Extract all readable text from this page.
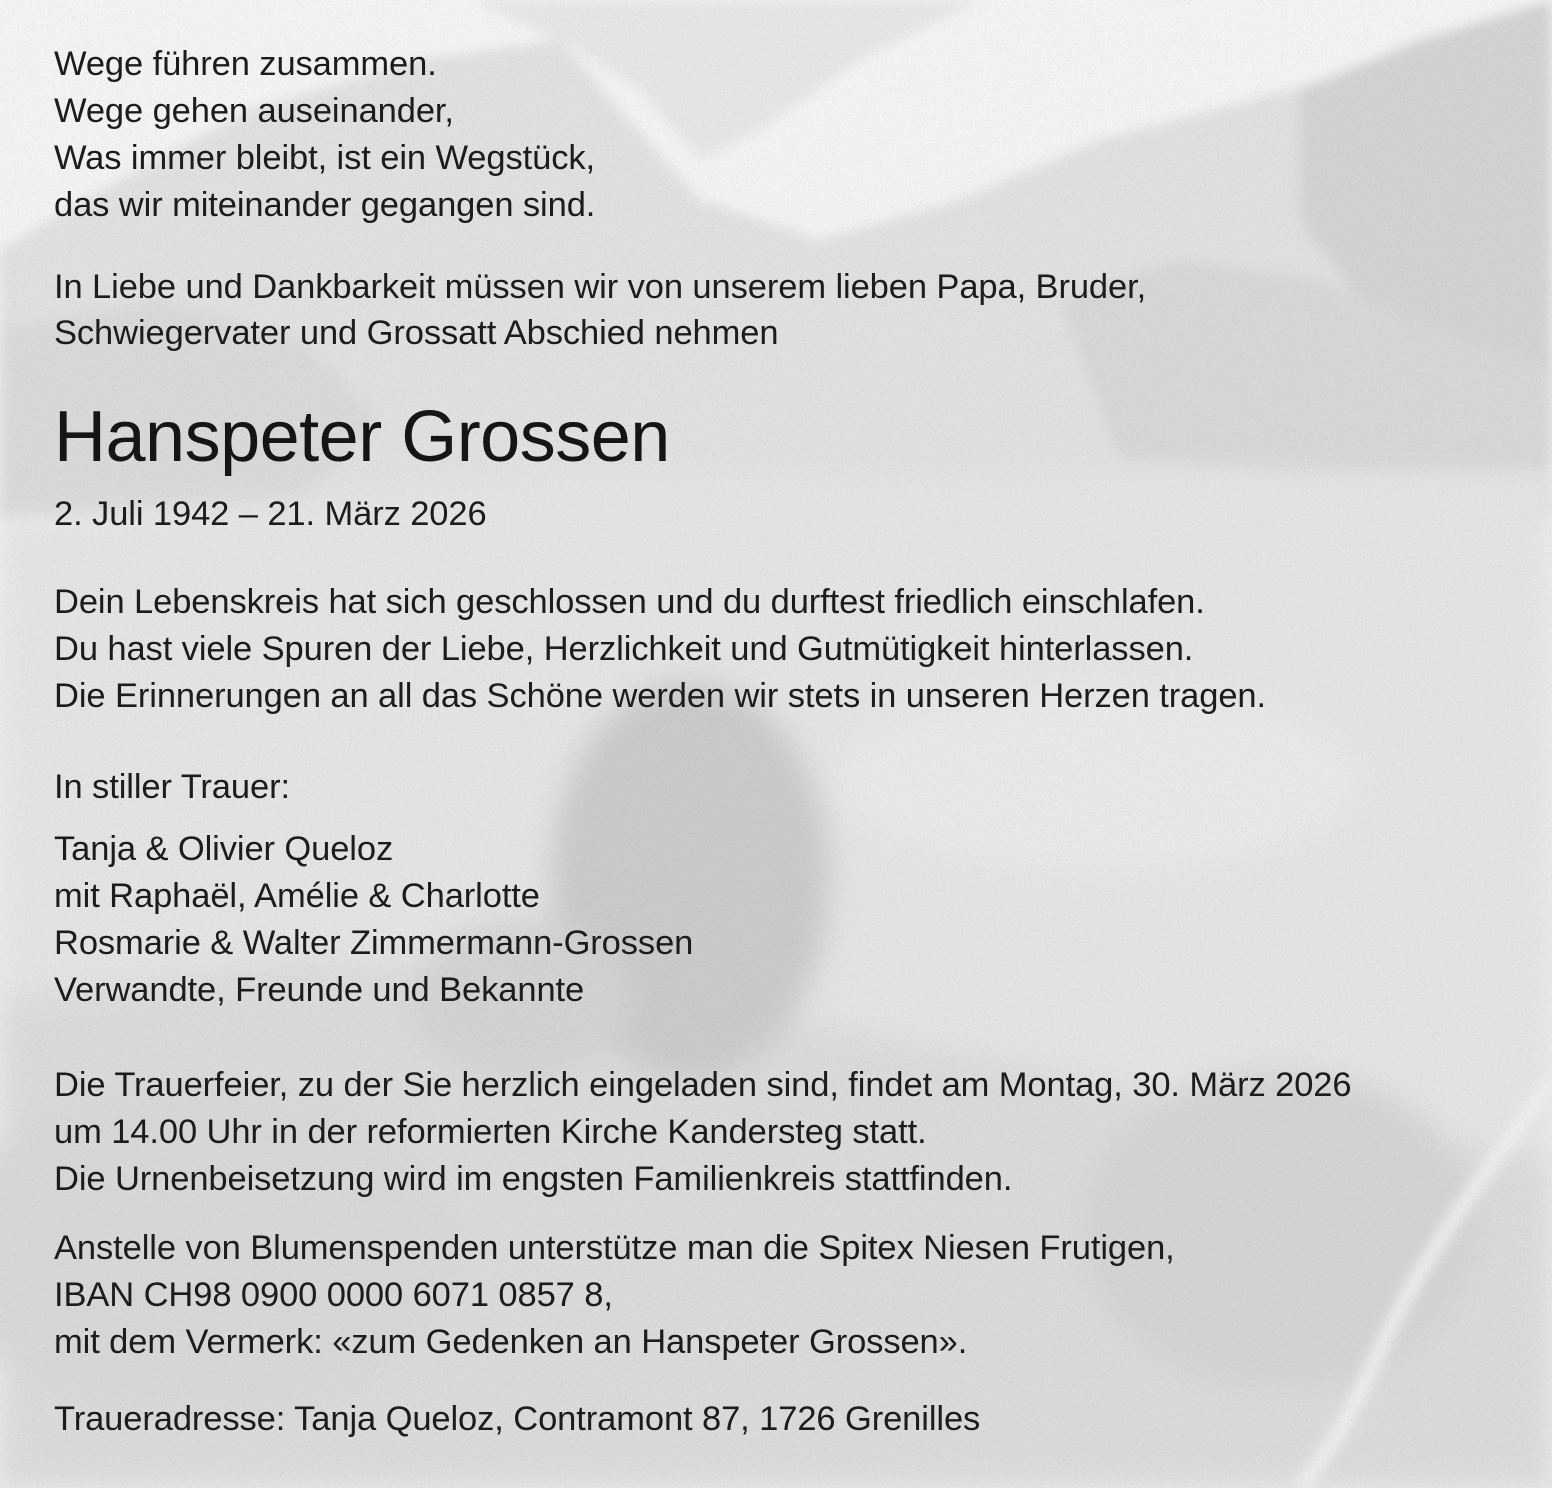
Wege führen zusammen.
Wege gehen auseinander,
Was immer bleibt, ist ein Wegstück,
das wir miteinander gegangen sind.
In Liebe und Dankbarkeit müssen wir von unserem lieben Papa, Bruder,
Schwiegervater und Grossatt Abschied nehmen
Hanspeter Grossen
2. Juli 1942 – 21. März 2026
Dein Lebenskreis hat sich geschlossen und du durftest friedlich einschlafen.
Du hast viele Spuren der Liebe, Herzlichkeit und Gutmütigkeit hinterlassen.
Die Erinnerungen an all das Schöne werden wir stets in unseren Herzen tragen.
In stiller Trauer:
Tanja & Olivier Queloz
mit Raphaël, Amélie & Charlotte
Rosmarie & Walter Zimmermann-Grossen
Verwandte, Freunde und Bekannte
Die Trauerfeier, zu der Sie herzlich eingeladen sind, findet am Montag, 30. März 2026
um 14.00 Uhr in der reformierten Kirche Kandersteg statt.
Die Urnenbeisetzung wird im engsten Familienkreis stattfinden.
Anstelle von Blumenspenden unterstütze man die Spitex Niesen Frutigen,
IBAN CH98 0900 0000 6071 0857 8,
mit dem Vermerk: «zum Gedenken an Hanspeter Grossen».
Traueradresse: Tanja Queloz, Contramont 87, 1726 Grenilles
